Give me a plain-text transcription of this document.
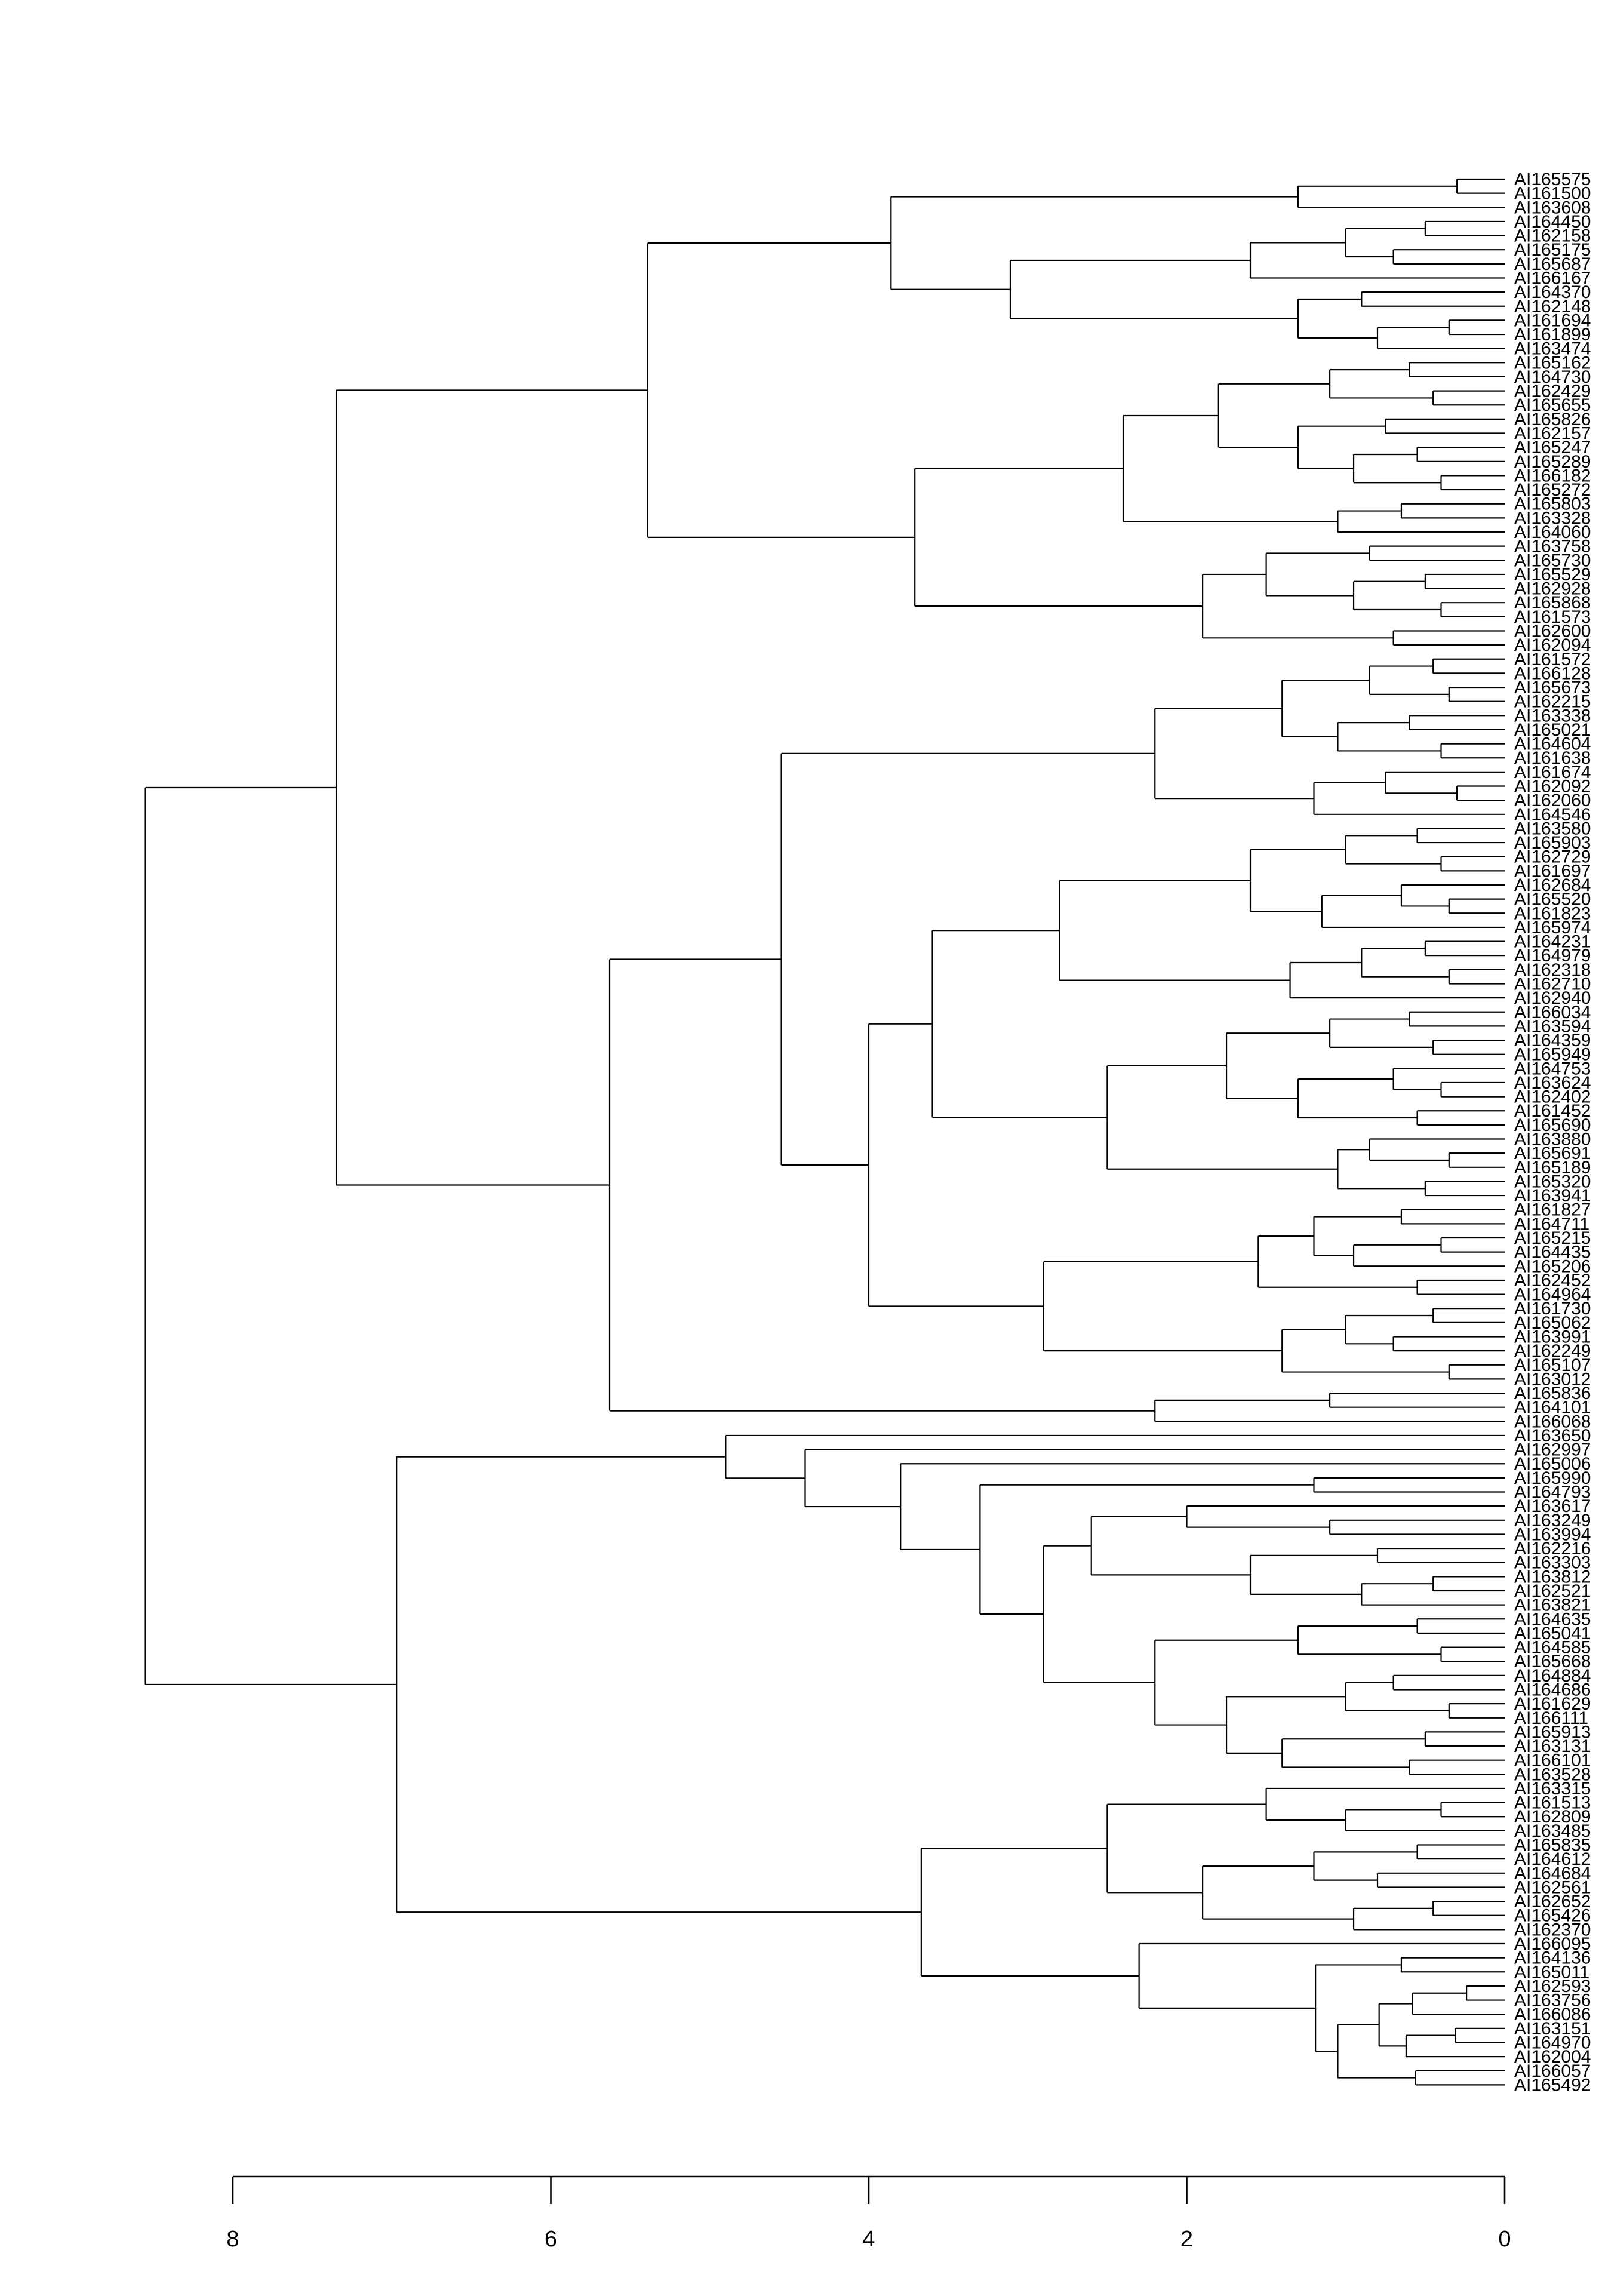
AI165575
AI161500
AI163608
AI164450
AI162158
AI165175
AI165687
AI166167
AI164370
AI162148
AI161694
AI161899
AI163474
AI165162
AI164730
AI162429
AI165655
AI165826
AI162157
AI165247
AI165289
AI166182
AI165272
AI165803
AI163328
AI164060
AI163758
AI165730
AI165529
AI162928
AI165868
AI161573
AI162600
AI162094
AI161572
AI166128
AI165673
AI162215
AI163338
AI165021
AI164604
AI161638
AI161674
AI162092
AI162060
AI164546
AI163580
AI165903
AI162729
AI161697
AI162684
AI165520
AI161823
AI165974
AI164231
AI164979
AI162318
AI162710
AI162940
AI166034
AI163594
AI164359
AI165949
AI164753
AI163624
AI162402
AI161452
AI165690
AI163880
AI165691
AI165189
AI165320
AI163941
AI161827
AI164711
AI165215
AI164435
AI165206
AI162452
AI164964
AI161730
AI165062
AI163991
AI162249
AI165107
AI163012
AI165836
AI164101
AI166068
AI163650
AI162997
AI165006
AI165990
AI164793
AI163617
AI163249
AI163994
AI162216
AI163303
AI163812
AI162521
AI163821
AI164635
AI165041
AI164585
AI165668
AI164884
AI164686
AI161629
AI166111
AI165913
AI163131
AI166101
AI163528
AI163315
AI161513
AI162809
AI163485
AI165835
AI164612
AI164684
AI162561
AI162652
AI165426
AI162370
AI166095
AI164136
AI165011
AI162593
AI163756
AI166086
AI163151
AI164970
AI162004
AI166057
AI165492
8	6	4	2	0
